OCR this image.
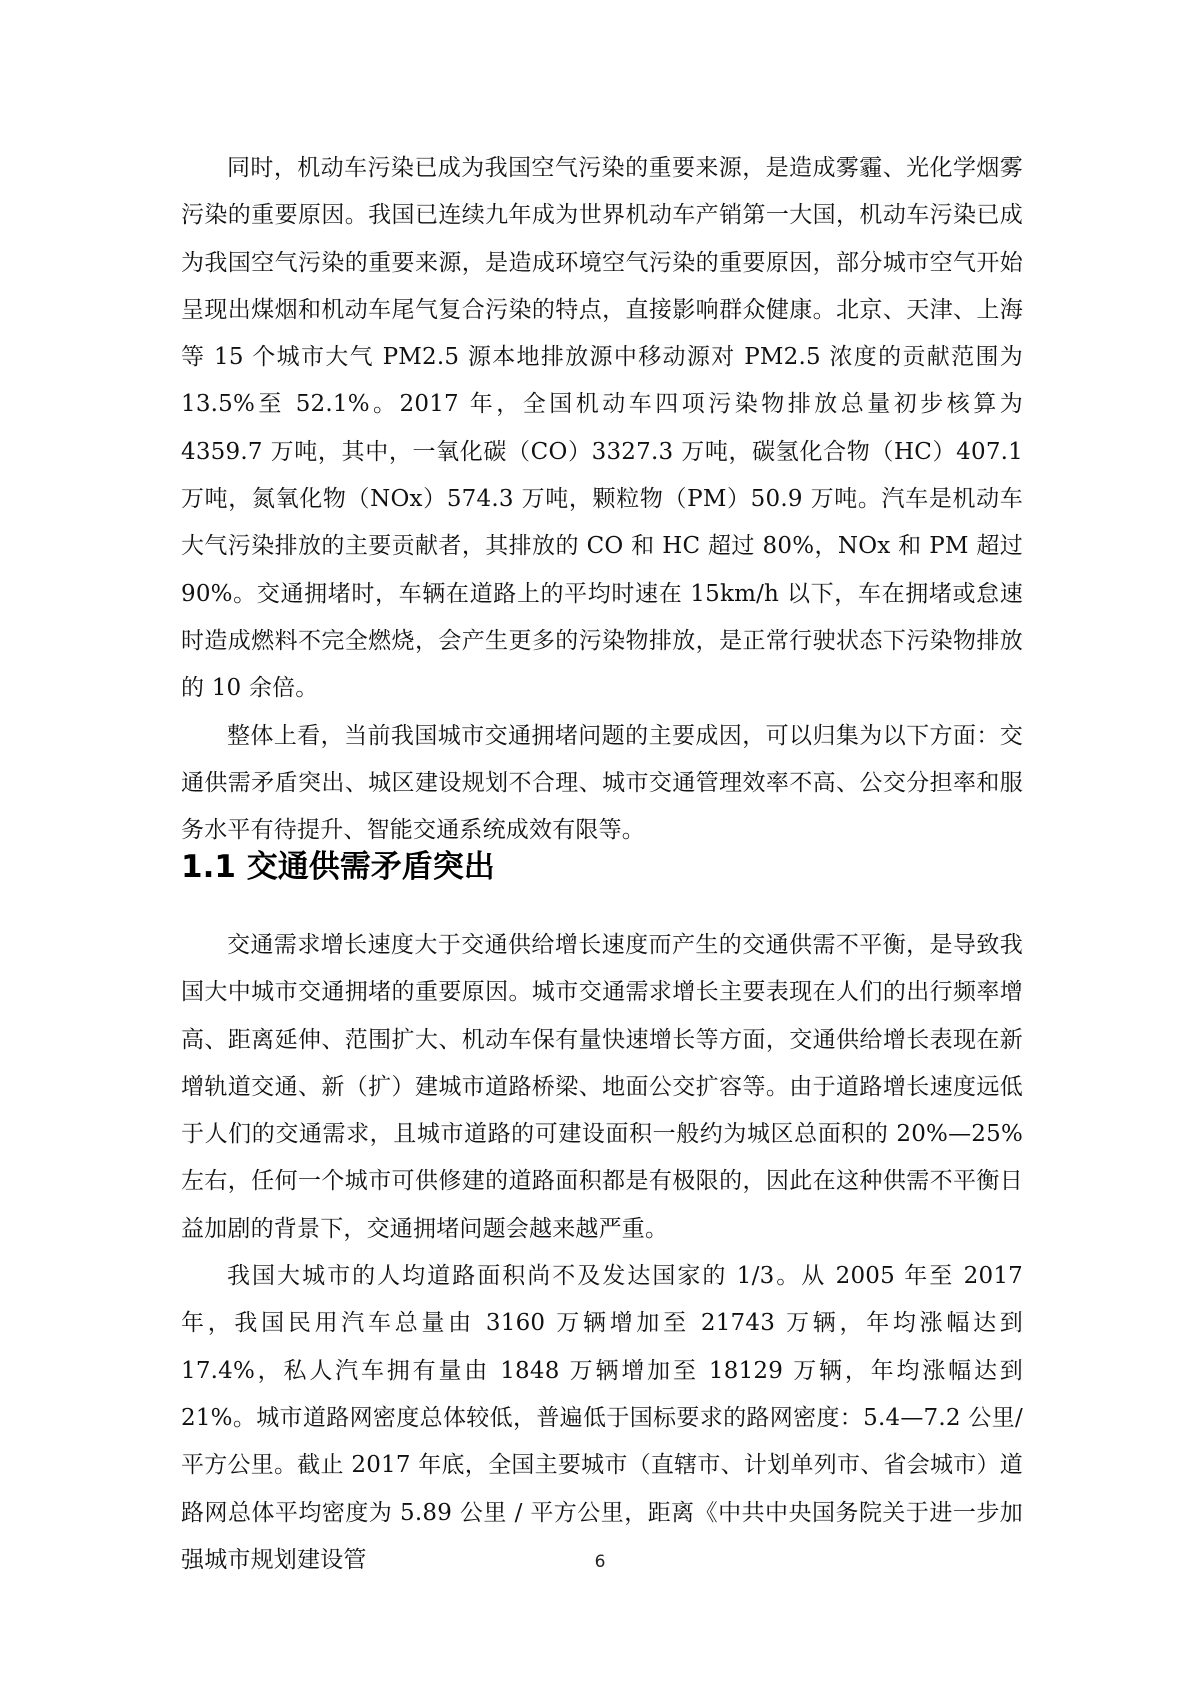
同时，机动车污染已成为我国空气污染的重要来源，是造成雾霾、光化学烟雾污染的重要原因。我国已连续九年成为世界机动车产销第一大国，机动车污染已成为我国空气污染的重要来源，是造成环境空气污染的重要原因，部分城市空气开始呈现出煤烟和机动车尾气复合污染的特点，直接影响群众健康。北京、天津、上海等 15 个城市大气 PM2.5 源本地排放源中移动源对 PM2.5 浓度的贡献范围为 13.5%至 52.1%。2017 年，全国机动车四项污染物排放总量初步核算为 4359.7 万吨，其中，一氧化碳（CO）3327.3 万吨，碳氢化合物（HC）407.1 万吨，氮氧化物（NOx）574.3 万吨，颗粒物（PM）50.9 万吨。汽车是机动车大气污染排放的主要贡献者，其排放的 CO 和 HC 超过 80%，NOx 和 PM 超过 90%。交通拥堵时，车辆在道路上的平均时速在 15km/h 以下，车在拥堵或怠速时造成燃料不完全燃烧，会产生更多的污染物排放，是正常行驶状态下污染物排放的 10 余倍。

整体上看，当前我国城市交通拥堵问题的主要成因，可以归集为以下方面：交通供需矛盾突出、城区建设规划不合理、城市交通管理效率不高、公交分担率和服务水平有待提升、智能交通系统成效有限等。

1.1 交通供需矛盾突出

交通需求增长速度大于交通供给增长速度而产生的交通供需不平衡，是导致我国大中城市交通拥堵的重要原因。城市交通需求增长主要表现在人们的出行频率增高、距离延伸、范围扩大、机动车保有量快速增长等方面，交通供给增长表现在新增轨道交通、新（扩）建城市道路桥梁、地面公交扩容等。由于道路增长速度远低于人们的交通需求，且城市道路的可建设面积一般约为城区总面积的 20%—25%左右，任何一个城市可供修建的道路面积都是有极限的，因此在这种供需不平衡日益加剧的背景下，交通拥堵问题会越来越严重。

我国大城市的人均道路面积尚不及发达国家的 1/3。从 2005 年至 2017 年，我国民用汽车总量由 3160 万辆增加至 21743 万辆，年均涨幅达到 17.4%，私人汽车拥有量由 1848 万辆增加至 18129 万辆，年均涨幅达到 21%。城市道路网密度总体较低，普遍低于国标要求的路网密度：5.4—7.2 公里/平方公里。截止 2017 年底，全国主要城市（直辖市、计划单列市、省会城市）道路网总体平均密度为 5.89 公里 / 平方公里，距离《中共中央国务院关于进一步加强城市规划建设管	6
